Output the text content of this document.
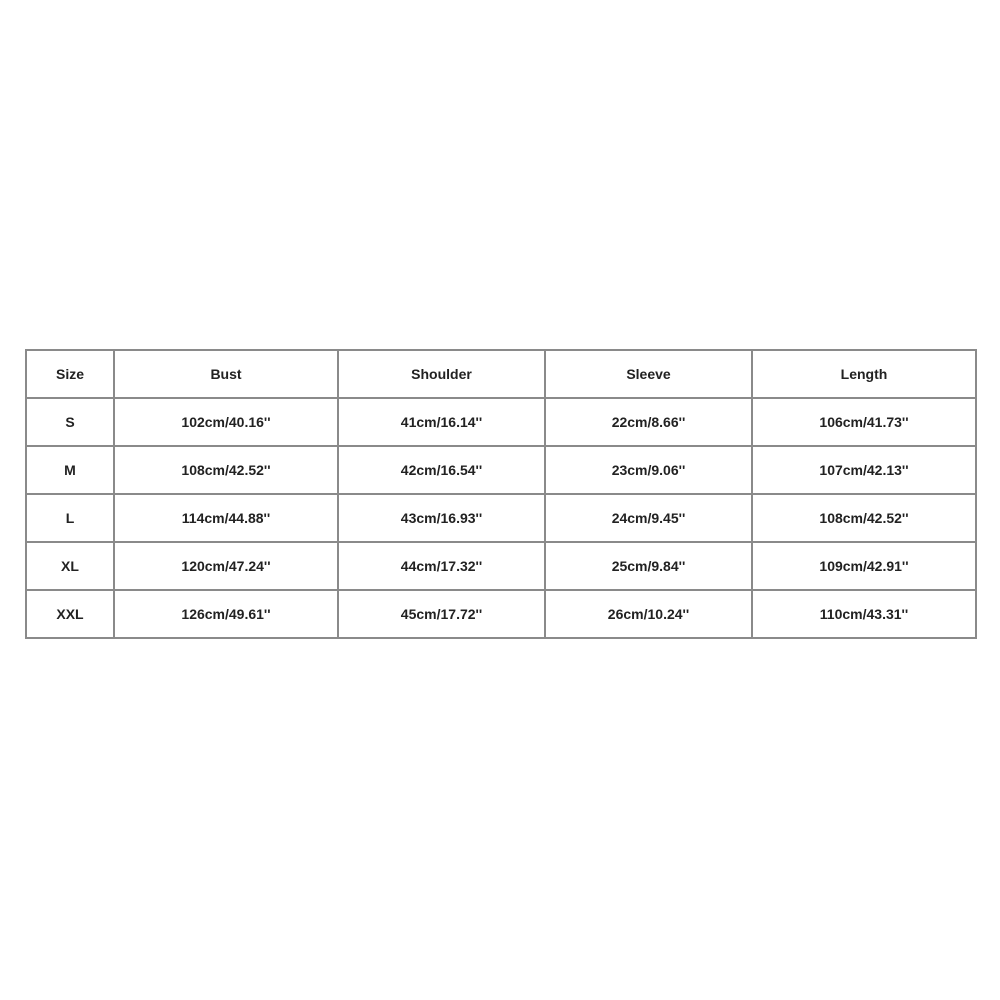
Size	Bust	Shoulder	Sleeve	Length
S	102cm/40.16''	41cm/16.14''	22cm/8.66''	106cm/41.73''
M	108cm/42.52''	42cm/16.54''	23cm/9.06''	107cm/42.13''
L	114cm/44.88''	43cm/16.93''	24cm/9.45''	108cm/42.52''
XL	120cm/47.24''	44cm/17.32''	25cm/9.84''	109cm/42.91''
XXL	126cm/49.61''	45cm/17.72''	26cm/10.24''	110cm/43.31''
